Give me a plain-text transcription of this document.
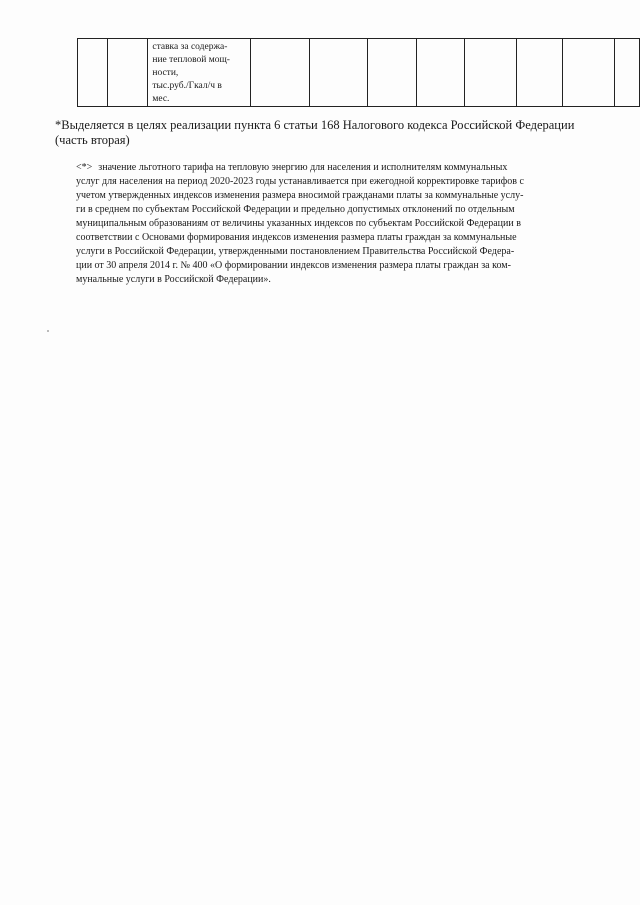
ставка за содержа-
ние тепловой мощ-
ности,
тыс.руб./Гкал/ч в
мес.

*Выделяется в целях реализации пункта 6 статьи 168 Налогового кодекса Российской Федерации
(часть вторая)
<*> значение льготного тарифа на тепловую энергию для населения и исполнителям коммунальных
услуг для населения на период 2020-2023 годы устанавливается при ежегодной корректировке тарифов с
учетом утвержденных индексов изменения размера вносимой гражданами платы за коммунальные услу-
ги в среднем по субъектам Российской Федерации и предельно допустимых отклонений по отдельным
муниципальным образованиям от величины указанных индексов по субъектам Российской Федерации в
соответствии с Основами формирования индексов изменения размера платы граждан за коммунальные
услуги в Российской Федерации, утвержденными постановлением Правительства Российской Федера-
ции от 30 апреля 2014 г. № 400 «О формировании индексов изменения размера платы граждан за ком-
мунальные услуги в Российской Федерации».
